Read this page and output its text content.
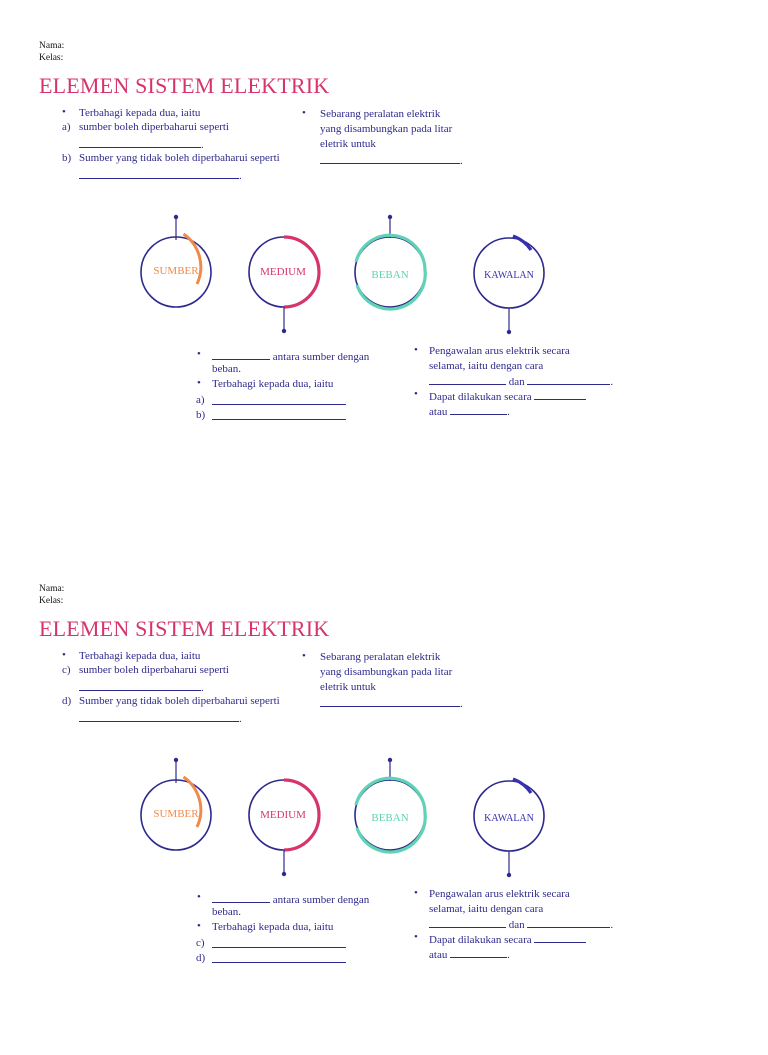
Nama:
Kelas:
ELEMEN SISTEM ELEKTRIK
• Terbahagi kepada dua, iaitu
a) sumber boleh diperbaharui seperti
.
b) Sumber yang tidak boleh diperbaharui seperti
.
• Sebarang peralatan elektrik
yang disambungkan pada litar
eletrik untuk
.
SUMBER	MEDIUM	BEBAN	KAWALAN
•	antara sumber dengan
beban.
• Terbahagi kepada dua, iaitu
a)
b)
• Pengawalan arus elektrik secara
selamat, iaitu dengan cara
dan	.
• Dapat dilakukan secara
atau	.
Nama:
Kelas:
ELEMEN SISTEM ELEKTRIK
• Terbahagi kepada dua, iaitu
c) sumber boleh diperbaharui seperti
.
d) Sumber yang tidak boleh diperbaharui seperti
.
• Sebarang peralatan elektrik
yang disambungkan pada litar
eletrik untuk
.
SUMBER	MEDIUM	BEBAN	KAWALAN
•	antara sumber dengan
beban.
• Terbahagi kepada dua, iaitu
c)
d)
• Pengawalan arus elektrik secara
selamat, iaitu dengan cara
dan	.
• Dapat dilakukan secara
atau	.
